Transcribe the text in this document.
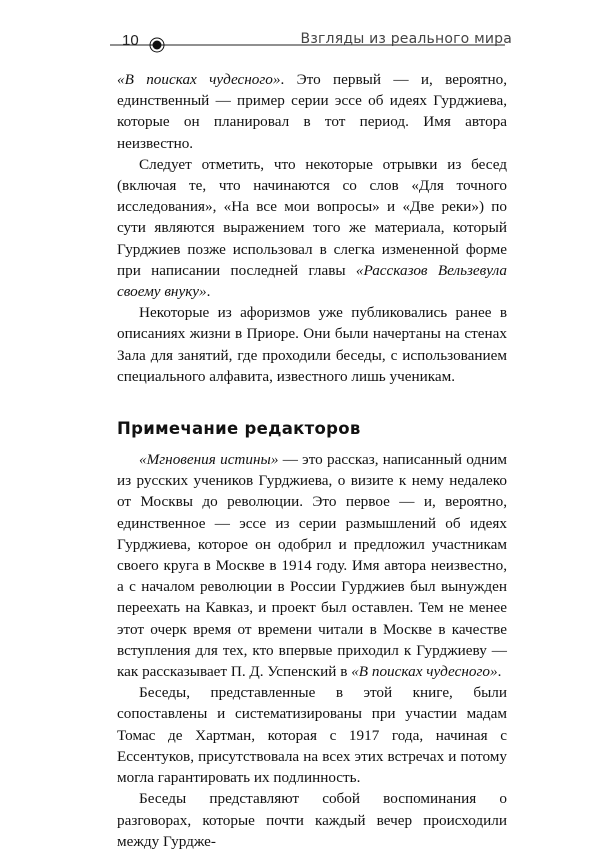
10	Взгляды из реального мира

«В поисках чудесного». Это первый — и, вероятно, единственный — пример серии эссе об идеях Гурджиева, которые он планировал в тот период. Имя автора неизвестно.

Следует отметить, что некоторые отрывки из бесед (включая те, что начинаются со слов «Для точного исследования», «На все мои вопросы» и «Две реки») по сути являются выражением того же материала, который Гурджиев позже использовал в слегка измененной форме при написании последней главы «Рассказов Вельзевула своему внуку».

Некоторые из афоризмов уже публиковались ранее в описаниях жизни в Приоре. Они были начертаны на стенах Зала для занятий, где проходили беседы, с использованием специального алфавита, известного лишь ученикам.

Примечание редакторов

«Мгновения истины» — это рассказ, написанный одним из русских учеников Гурджиева, о визите к нему недалеко от Москвы до революции. Это первое — и, вероятно, единственное — эссе из серии размышлений об идеях Гурджиева, которое он одобрил и предложил участникам своего круга в Москве в 1914 году. Имя автора неизвестно, а с началом революции в России Гурджиев был вынужден переехать на Кавказ, и проект был оставлен. Тем не менее этот очерк время от времени читали в Москве в качестве вступления для тех, кто впервые приходил к Гурджиеву — как рассказывает П. Д. Успенский в «В поисках чудесного».

Беседы, представленные в этой книге, были сопоставлены и систематизированы при участии мадам Томас де Хартман, которая с 1917 года, начиная с Ессентуков, присутствовала на всех этих встречах и потому могла гарантировать их подлинность.

Беседы представляют собой воспоминания о разговорах, которые почти каждый вечер происходили между Гурдже-
